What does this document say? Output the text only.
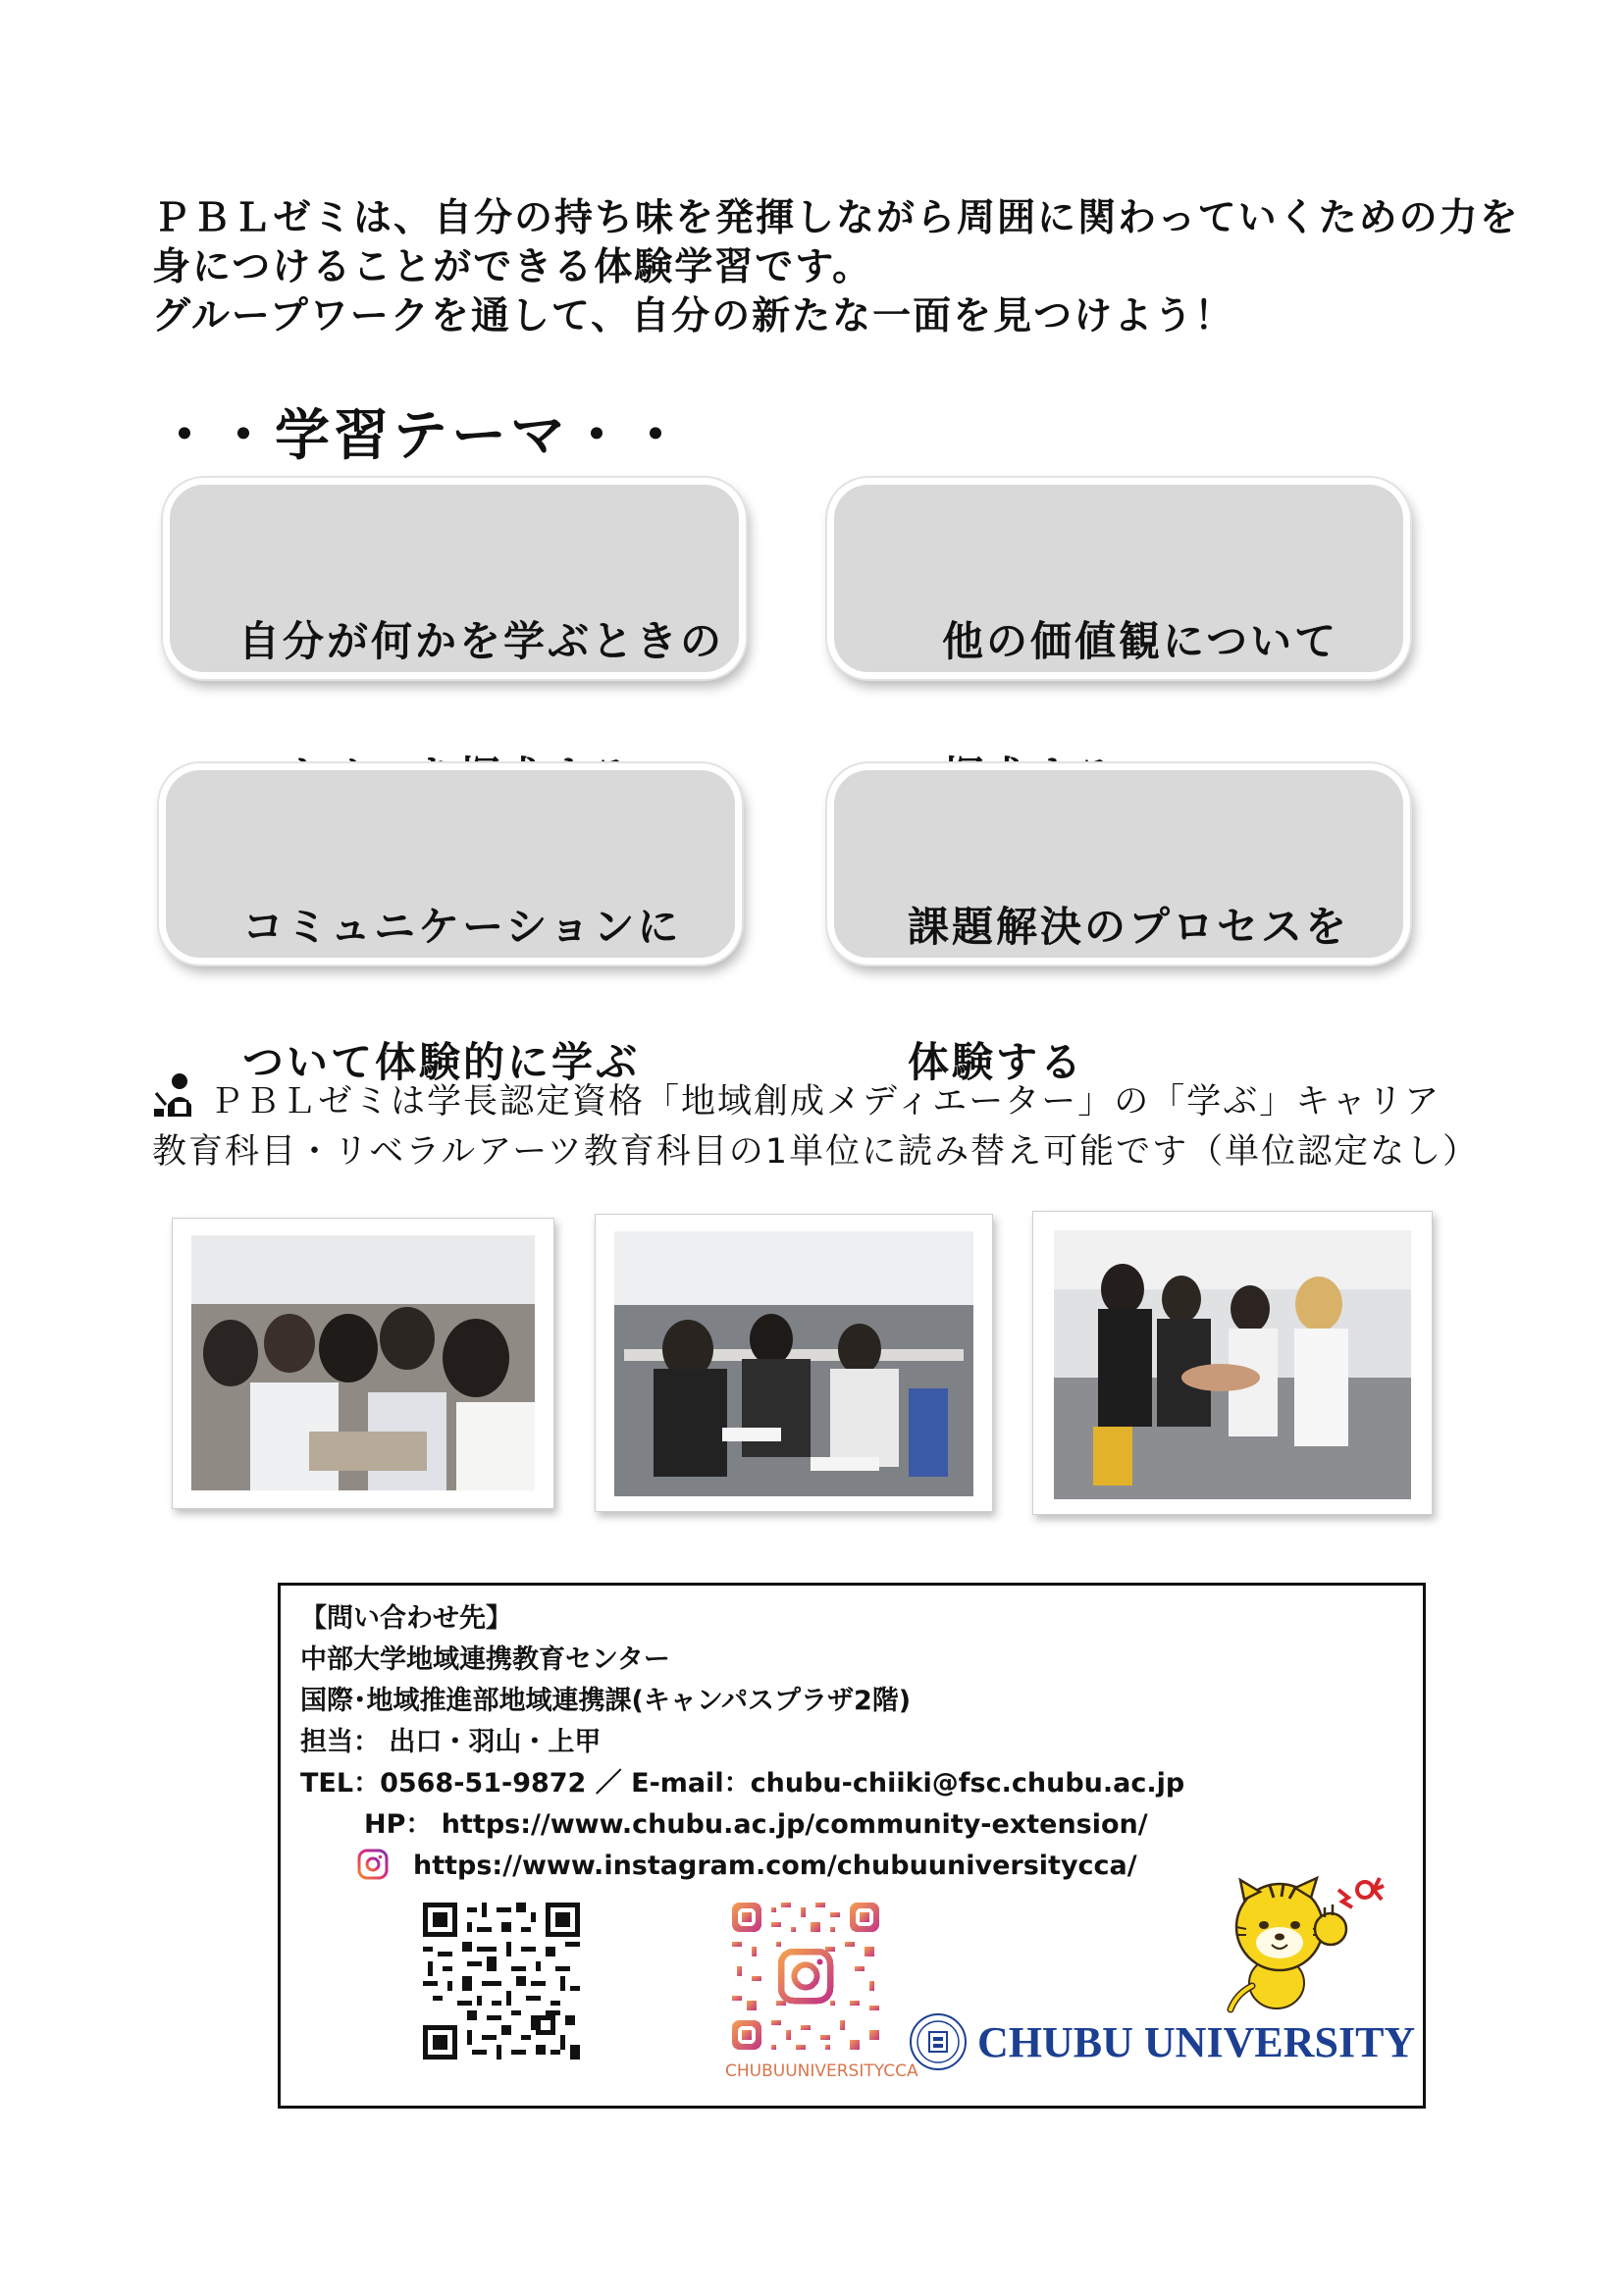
ＰＢＬゼミは、自分の持ち味を発揮しながら周囲に関わっていくための力を
身につけることができる体験学習です。
グループワークを通して、自分の新たな一面を見つけよう！
・・学習テーマ・・

自分が何かを学ぶときの

	他の価値観について

コミュニケーションに

ついて体験的に学ぶ

課題解決のプロセスを

体験する

ＰＢＬゼミは学長認定資格「地域創成メディエーター」の「学ぶ」キャリア
教育科目・リベラルアーツ教育科目の1単位に読み替え可能です（単位認定なし）
【問い合わせ先】
中部大学地域連携教育センター
国際･地域推進部地域連携課(キャンパスプラザ2階)
担当： 出口・羽山・上甲
TEL：0568-51-9872 ／ E-mail：chubu-chiiki@fsc.chubu.ac.jp
HP： https://www.chubu.ac.jp/community-extension/
https://www.instagram.com/chubuuniversitycca/
CHUBUUNIVERSITYCCA
CHUBU UNIVERSITY
